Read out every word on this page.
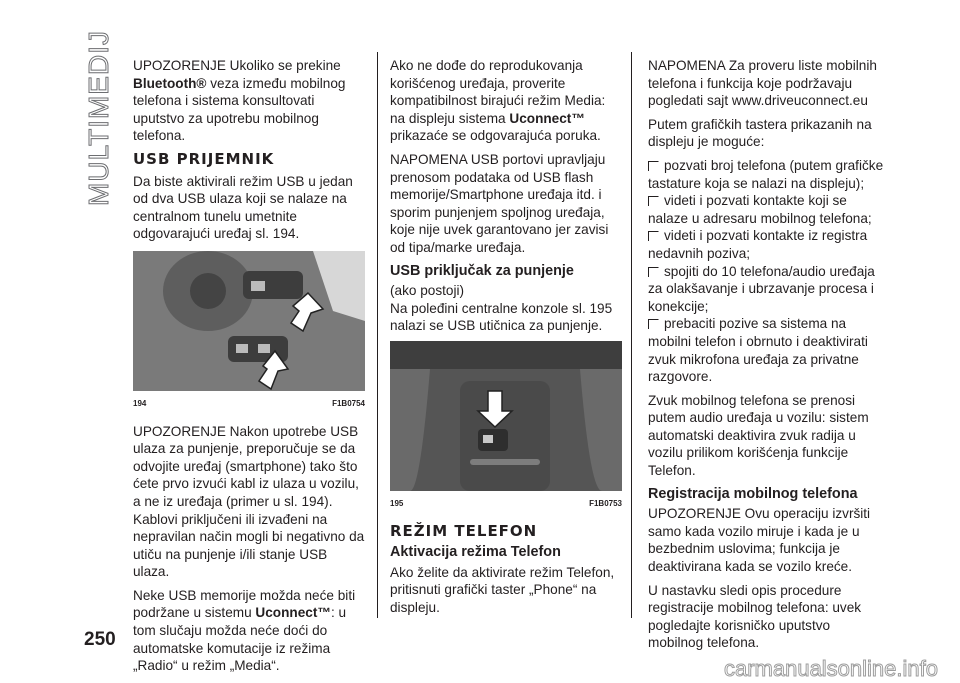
MULTIMEDIJ UPOZORENJE Ukoliko se prekine
Bluetooth® veza između mobilnog telefona i sistema konsultovati uputstvo za upotrebu mobilnog telefona.

USB PRIJEMNIK

Da biste aktivirali režim USB u jedan od dva USB ulaza koji se nalaze na centralnom tunelu umetnite odgovarajući uređaj sl. 194.

194	F1B0754

UPOZORENJE Nakon upotrebe USB ulaza za punjenje, preporučuje se da odvojite uređaj (smartphone) tako što ćete prvo izvući kabl iz ulaza u vozilu, a ne iz uređaja (primer u sl. 194). Kablovi priključeni ili izvađeni na nepravilan način mogli bi negativno da utiču na punjenje i/ili stanje USB ulaza.

Neke USB memorije možda neće biti podržane u sistemu Uconnect™: u tom slučaju možda neće doći do automatske komutacije iz režima „Radio“ u režim „Media“.

Ako ne dođe do reprodukovanja korišćenog uređaja, proverite kompatibilnost birajući režim Media: na displeju sistema Uconnect™ prikazaće se odgovarajuća poruka.

NAPOMENA USB portovi upravljaju prenosom podataka od USB flash memorije/Smartphone uređaja itd. i sporim punjenjem spoljnog uređaja, koje nije uvek garantovano jer zavisi od tipa/marke uređaja.

USB priključak za punjenje

(ako postoji)

Na poleđini centralne konzole sl. 195 nalazi se USB utičnica za punjenje.

195	F1B0753
REŽIM TELEFON
Aktivacija režima Telefon

Ako želite da aktivirate režim Telefon, pritisnuti grafički taster „Phone“ na displeju.

NAPOMENA Za proveru liste mobilnih telefona i funkcija koje podržavaju pogledati sajt www.driveuconnect.eu

Putem grafičkih tastera prikazanih na displeju je moguće:

pozvati broj telefona (putem grafičke tastature koja se nalazi na displeju);

videti i pozvati kontakte koji se nalaze u adresaru mobilnog telefona;

videti i pozvati kontakte iz registra nedavnih poziva;

spojiti do 10 telefona/audio uređaja za olakšavanje i ubrzavanje procesa i konekcije;

prebaciti pozive sa sistema na mobilni telefon i obrnuto i deaktivirati zvuk mikrofona uređaja za privatne razgovore.

Zvuk mobilnog telefona se prenosi putem audio uređaja u vozilu: sistem automatski deaktivira zvuk radija u vozilu prilikom korišćenja funkcije Telefon.

Registracija mobilnog telefona

UPOZORENJE Ovu operaciju izvršiti samo kada vozilo miruje i kada je u bezbednim uslovima; funkcija je deaktivirana kada se vozilo kreće.

U nastavku sledi opis procedure registracije mobilnog telefona: uvek pogledajte korisničko uputstvo mobilnog telefona.

250
carmanualsonline.info
